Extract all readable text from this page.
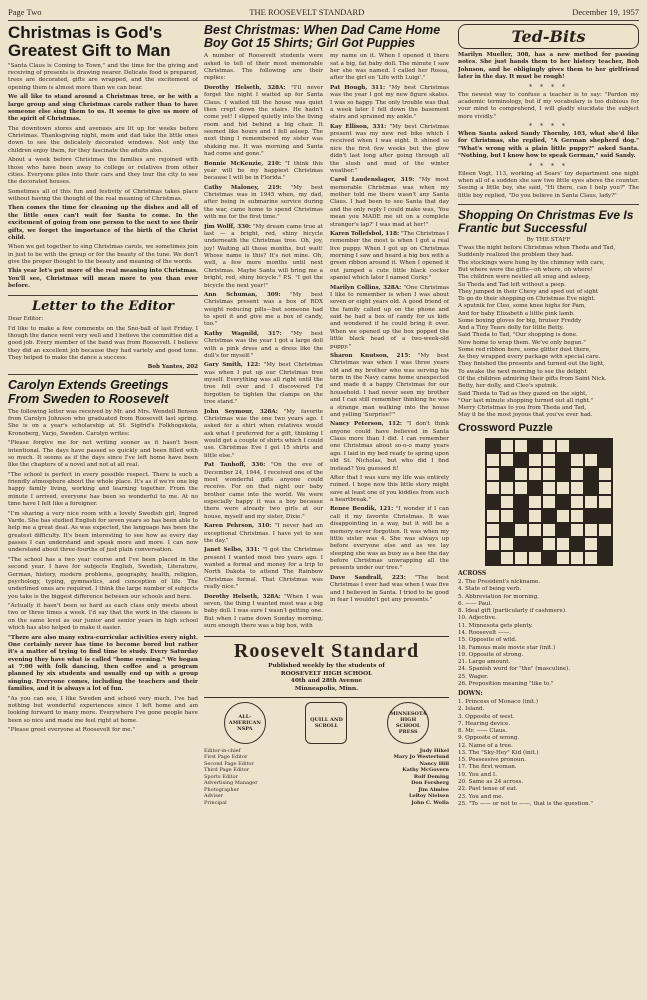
Page Two	THE ROOSEVELT STANDARD	December 19, 1957
Christmas is God's Greatest Gift to Man

"Santa Claus is Coming to Town," and the time for the giving and receiving of presents is drawing nearer. Delicate food is prepared, trees are decorated, gifts are wrapped, and the excitement of opening them is almost more than we can bear.

We all like to stand around a Christmas tree, or be with a large group and sing Christmas carols rather than to have someone else sing them to us. It seems to give us more of the spirit of Christmas.

The downtown stores and avenues are lit up for weeks before Christmas. Thanksgiving night, mom and dad take the little ones down to see the delicately decorated windows. Not only the children enjoy them, for they fascinate the adults also.

About a week before Christmas the families are rejoined with those who have been away to college or relatives from other cities. Everyone piles into their cars and they tour the city to see the decorated houses.

Sometimes all of this fun and festivity of Christmas takes place without having the thought of the real meaning of Christmas.

Then comes the time for cleaning up the dishes and all of the little ones can't wait for Santa to come. In the excitement of going from one person to the next to see their gifts, we forget the importance of the birth of the Christ child.

When we get together to sing Christmas carols, we sometimes join in just to be with the group or for the beauty of the tune. We don't give the proper thought to the beauty and meaning of the words.

This year let's put more of the real meaning into Christmas. You'll see, Christmas will mean more to you than ever before.

Letter to the Editor

Dear Editor:

I'd like to make a few comments on the Sno-ball of last Friday. I though the dance went very well and I believe the committee did a good job. Every member of the band was from Roosevelt. I believe they did an excellent job because they had variety and good tone. They helped to make the dance a success.

Bob Yantes, 202
Carolyn Extends Greetings From Sweden to Roosevelt

The following letter was received by Mr. and Mrs. Wendell Benson from Carolyn Johnson who graduated from Roosevelt last spring. She is on a year's scholarship at St. Sigfrid's Folkhogskola, Kronoberg, Varjo, Sweden. Carolyn writes:

"Please forgive me for not writing sooner as it hasn't been intentional. The days have passed so quickly and been filled with so much. It seems as if the days since I've left home have been like the chapters of a novel and not at all real.

"The school is perfect in every possible respect. There is such a friendly atmosphere about the whole place. It's as if we're one big happy family living, working and learning together. From the minute I arrived, everyone has been so wonderful to me. At no time have I felt like a foreigner.

"I'm sharing a very nice room with a lovely Swedish girl, Ingred Varde. She has studied English for seven years so has been able to help me a great deal. As was expected, the language has been the greatest difficulty. It's been interesting to see how as every day passes I can understand and speak more and more. I can now understand about three-fourths of just plain conversation.

"The school has a two year course and I've been placed in the second year. I have for subjects English, Swedish, Literature, German, history, modern problems, geography, health, religion, psychology, typing, gymnastics, and conception of life. The underlined ones are required. I think the large number of subjects you take is the biggest difference between our schools and here.

"Actually it hasn't been so hard as each class only meets about two or three times a week. I'd say that the work in the classes is on the same level as our junior and senior years in high school which has also helped to make it easier.

"There are also many extra-curricular activities every night. One certainly never has time to become bored but rather it's a matter of trying to find time to study. Every Saturday evening they have what is called "home evening." We began at 7:00 with folk dancing, then coffee and a program planned by six students and usually end up with a group singing. Everyone comes, including the teachers and their families, and it is always a lot of fun.

"As you can see, I like Sweden and school very much. I've had nothing but wonderful experiences since I left home and am looking forward to many more. Everywhere I've gone people have been so nice and made me feel right at home.

"Please greet everyone at Roosevelt for me."

Best Christmas: When Dad Came Home Boy Got 15 Shirts; Girl Got Puppies

A number of Roosevelt students were asked to tell of their most memorable Christmas. The following are their replies:

Dorothy Helseth, 328A: "I'll never forget the night I waited up for Santa Claus. I waited till the house was quiet then crept down the stairs. He hadn't come yet! I slipped quietly into the living room and hid behind a big chair. It seemed like hours and I fell asleep. The next thing I remembered my sister was shaking me. It was morning and Santa had come and gone."

Bonnie McKenzie, 210: "I think this year will be my happiest Christmas because I will be in Florida."

Cathy Maloney, 219: "My best Christmas was in 1945 when, my dad, after being in submarine service during the war, came home to spend Christmas with me for the first time."

Jim Wolff, 330: "My dream came true at last — a bright, red, shiny bicycle underneath the Christmas tree. Oh, joy, joy! Waiting all those months, but wait! Whose name is this? It's not mine. Oh, well, a few more months until next Christmas. Maybe Santa will bring me a bright, red, shiny bicycle." P.S. "I got the bicycle the next year!"

Ann Schuman, 309: "My best Christmas present was a box of RDX weight reducing pills—but someone had to spoil it and give me a box of candy, too."

Kathy Wagnild, 317: "My best Christmas was the year I got a large doll with a pink dress and a dress like the doll's for myself."

Gary Smith, 122: "My best Christmas was when I put up our Christmas tree myself. Everything was all right until the tree fell over and I discovered I'd forgotten to tighten the clamps on the tree stand."

John Seymour, 328A: "My favorite Christmas was the one two years ago. I asked for a shirt when relatives would ask what I preferred for a gift, thinking I would get a couple of shirts which I could use. Christmas Eve I got 15 shirts and little else."

Pat Tanhoff, 336: "On the eve of December 24, 1944, I received one of the most wonderful gifts anyone could receive. For on that night our baby brother came into the world. We were especially happy it was a boy because there were already two girls at our house, myself and my sister, Dixie."

Karen Pehrson, 310: "I never had an exceptional Christmas. I have yet to see the day."

Janet Selbo, 331: "I got the Christmas present I wanted most two years ago. I wanted a formal and money for a trip to North Dakota to attend The Rainbow Christmas formal. That Christmas was really nice."

Dorothy Helseth, 328A: "When I was seven, the thing I wanted most was a big baby doll. I was sure I wasn't getting one. But when I came down Sunday morning, sure enough there was a big box, with

my name on it. When I opened it there sat a big, fat baby doll. The minute I saw her she was named. I called her Rossa, after the girl on 'Life with Luigi'."

Pat Hough, 311: "My best Christmas was the year I got my new figure skates. I was so happy. The only trouble was that a week later I fell down the basement stairs and sprained my ankle."

Kay Ellison, 331: "My best Christmas present was my new red bike which I received when I was eight. It shined so nice the first few weeks but the glow didn't last long after going through all the slush and mud of the winter weather."

Carol Laudenslager, 319: "My most memorable Christmas was when my mother told me there wasn't any Santa Claus. I had been to see Santa that day and the only reply I could make was, 'You mean you MADE me sit on a complete stranger's lap?' I was mad at her!"

Karen Tollefsbol, 118: "The Christmas I remember the most is when I got a real live puppy. When I got up on Christmas morning I saw and heard a big box with a green ribbon around it. When I opened it out jumped a cute little black cocker spaniel which later I named Corky."

Marilyn Collins, 328A: "One Christmas I like to remember is when I was about seven or eight years old. A good friend of the family called up on the phone and said he had a box of candy for us kids and wondered if he could bring it over. When we opened up the box popped the little black head of a two-week-old puppy."

Sharon Knutson, 215: "My best Christmas was when I was three years old and my brother who was serving his term in the Navy came home unexpected and made it a happy Christmas for our household. I had never seen my brother and I can still remember thinking he was a strange man walking into the house and yelling 'Surprise!'"

Nancy Peterson, 112: "I don't think anyone could have believed in Santa Claus more than I did. I can remember one Christmas about so-o-o many years ago. I laid in my bed ready to spring upon old St. Nicholas, but who did I find instead? You guessed it!

After that I was sure my life was entirely ruined. I hope now this little story might save at least one of you kiddies from such a heartbreak."

Renee Bendik, 121: "I wonder if I can call it my favorite Christmas. It was disappointing in a way, but it will be a memory never forgotten. It was when my little sister was 4. She was always up before everyone else and as we lay sleeping she was as busy as a bee the day before Christmas unwrapping all the presents under our tree."

Dave Sandrall, 223: "The best Christmas I ever had was when I was five and I believed in Santa. I tried to be good in fear I wouldn't get any presents."

Roosevelt Standard
Published weekly by the students of
ROOSEVELT HIGH SCHOOL
40th and 28th Avenue
Minneapolis, Minn.
ALL-AMERICAN NSPA
QUILL AND SCROLL
MINNESOTA HIGH SCHOOL PRESS
Editor-in-chief	Judy Hikel
First Page Editor	Mary Jo Westerlund
Second Page Editor	Nancy Hill
Third Page Editor	Kathy McGovern
Sports Editor	Rolf Deming
Advertising Manager	Don Forsberg
Photographer	Jim Almlee
Adviser	LeRoy Nielsen
Principal	John C. Wolla
Ted-Bits

Marilyn Mueller, 308, has a new method for passing notes. She just hands them to her history teacher, Bob Johnson, and he obligingly gives them to her girlfriend later in the day. It must be rough!

* * * *

The newest way to confuse a teacher is to say: "Pardon my academic terminology, but if my vocabulary is too dubious for your mind to comprehend, I will gladly elucidate the subject more vividly."

* * * *

When Santa asked Sandy Thornby, 103, what she'd like for Christmas, she replied, "A German shepherd dog." "What's wrong with a plain little puppy?" asked Santa. "Nothing, but I know how to speak German," said Sandy.

* * * *

Eileen Vogt, 113, working at Sears' toy department one night when all of a sudden she saw two little eyes above the counter. Seeing a little boy, she said, "Hi there, can I help you?" The little boy replied, "Do you believe in Santa Claus, lady?"

Shopping On Christmas Eve Is Frantic but Successful
By THE STAFF
T'was the night before Christmas when Theda and Tad,
Suddenly realized the problem they had.
The stockings were hung by the chimney with care,
But where were the gifts—oh where, oh where!
The children were nestled all snug and asleep,
So Theda and Tad left without a peep.
They jumped in their Chevy and sped out of sight
To go do their shopping on Christmas Eve night.
A sputnik for Cleo, some knee highs for Pam,
And for baby Elizabeth a little pink lamb.
Some boxing gloves for big, bruiser Freddy
And a Tiny Tears dolly for little Betty.
Said Theda to Tad, "Our shopping is done.
Now home to wrap them. We've only begun."
Some red ribbon here, some glitter dust there,
As they wrapped every package with special care.
They finished the presents and turned out the light,
To awake the next morning to see the delight
Of the children admiring their gifts from Saint Nick.
Betty, her dolly, and Cleo's sputnik.
Said Theda to Tad as they gazed on the sight,
"Our last minute shopping turned out all right."
Merry Christmas to you from Theda and Tad,
May it be the most joyous that you've ever had.
Crossword Puzzle
ACROSS
2. The President's nickname.
4. State of being verb.
5. Abbreviation for morning.
6. —— Paul.
8. Ideal gift (particularly if cashmere).
10. Adjective.
11. Minnesota gets plenty.
14. Roosevelt ——.
15. Opposite of wild.
18. Famous male movie star (init.)
19. Opposite of strong.
21. Large amount.
24. Spanish word for "the" (masculine).
25. Wager.
26. Preposition meaning "like to."
DOWN:
1. Princess of Monaco (init.)
2. Island.
3. Opposite of west.
7. Hearing device.
8. Mr. —— Claus.
9. Opposite of wrong.
12. Name of a tree.
13. The "Sky-Hey" Kid (init.)
15. Possessive pronoun.
17. The first woman.
19. You and I.
20. Same as 24 across.
22. Past tense of eat.
23. You and me.
25. "To —— or not to ——, that is the question."
